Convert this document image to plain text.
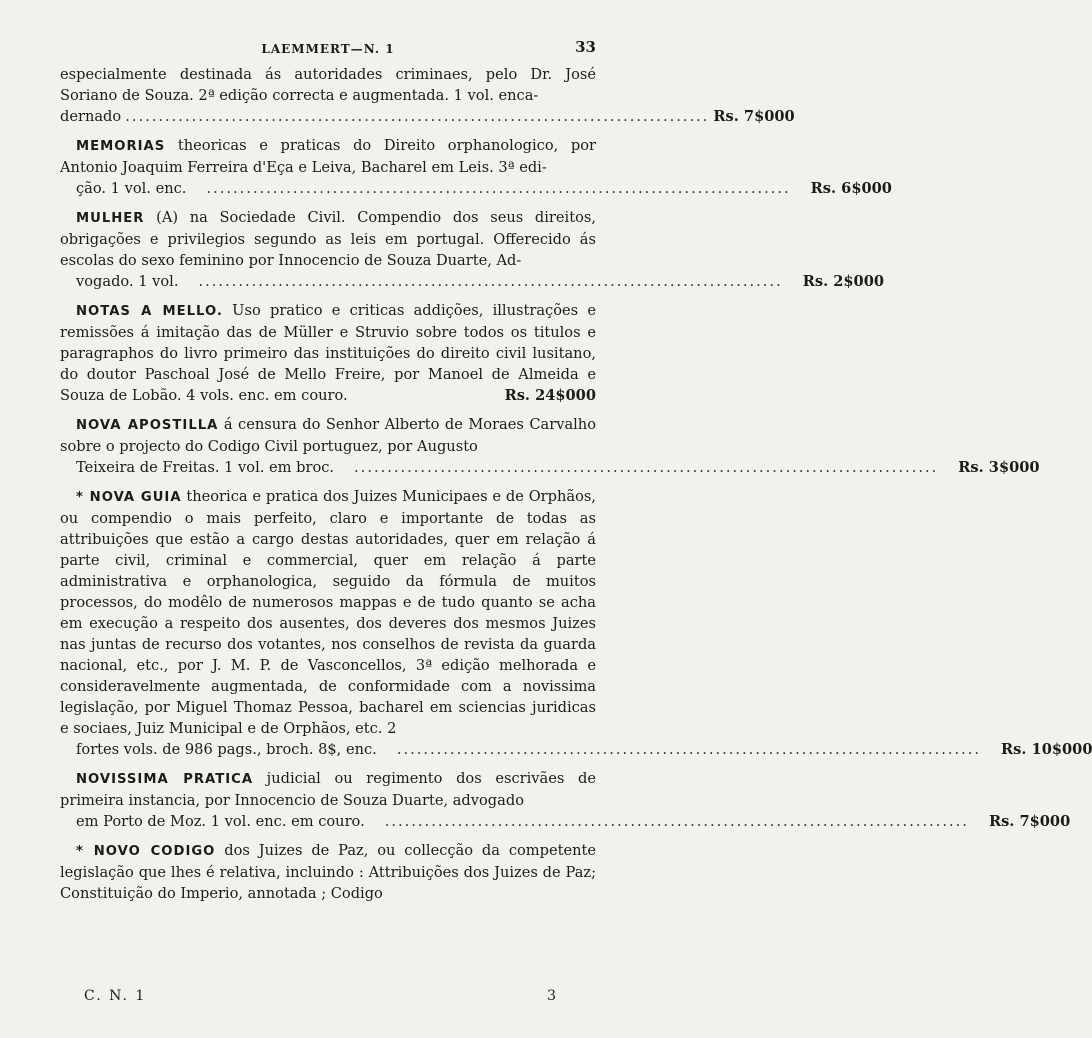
LAEMMERT—N. 1	33
especialmente destinada ás autoridades criminaes, pelo Dr. José Soriano de Souza. 2ª edição correcta e augmentada. 1 vol. enca-
dernado ........................................................................................ Rs. 7$000
MEMORIAS theoricas e praticas do Direito orphanologico, por Antonio Joaquim Ferreira d'Eça e Leiva, Bacharel em Leis. 3ª edi-
ção. 1 vol. enc.	........................................................................................	Rs. 6$000
MULHER (A) na Sociedade Civil. Compendio dos seus direitos, obrigações e privilegios segundo as leis em portugal. Offerecido ás escolas do sexo feminino por Innocencio de Souza Duarte, Ad-
vogado. 1 vol.	........................................................................................	Rs. 2$000
NOTAS A MELLO. Uso pratico e criticas addições, illustrações e remissões á imitação das de Müller e Struvio sobre todos os titulos e paragraphos do livro primeiro das instituições do direito civil lusitano, do doutor Paschoal José de Mello Freire, por Manoel de Almeida e Souza de Lobão. 4 vols. enc. em couro.	Rs. 24$000
NOVA APOSTILLA á censura do Senhor Alberto de Moraes Carvalho sobre o projecto do Codigo Civil portuguez, por Augusto
Teixeira de Freitas. 1 vol. em broc.	........................................................................................	Rs. 3$000
* NOVA GUIA theorica e pratica dos Juizes Municipaes e de Orphãos, ou compendio o mais perfeito, claro e importante de todas as attribuições que estão a cargo destas autoridades, quer em relação á parte civil, criminal e commercial, quer em relação á parte administrativa e orphanologica, seguido da fórmula de muitos processos, do modêlo de numerosos mappas e de tudo quanto se acha em execução a respeito dos ausentes, dos deveres dos mesmos Juizes nas juntas de recurso dos votantes, nos conselhos de revista da guarda nacional, etc., por J. M. P. de Vasconcellos, 3ª edição melhorada e consideravelmente augmentada, de conformidade com a novissima legislação, por Miguel Thomaz Pessoa, bacharel em sciencias juridicas e sociaes, Juiz Municipal e de Orphãos, etc. 2
fortes vols. de 986 pags., broch. 8$, enc.	........................................................................................	Rs. 10$000
NOVISSIMA PRATICA judicial ou regimento dos escrivães de primeira instancia, por Innocencio de Souza Duarte, advogado
em Porto de Moz. 1 vol. enc. em couro.	........................................................................................	Rs. 7$000
* NOVO CODIGO dos Juizes de Paz, ou collecção da competente legislação que lhes é relativa, incluindo : Attribuições dos Juizes de Paz; Constituição do Imperio, annotada ; Codigo
C. N. 1	3
